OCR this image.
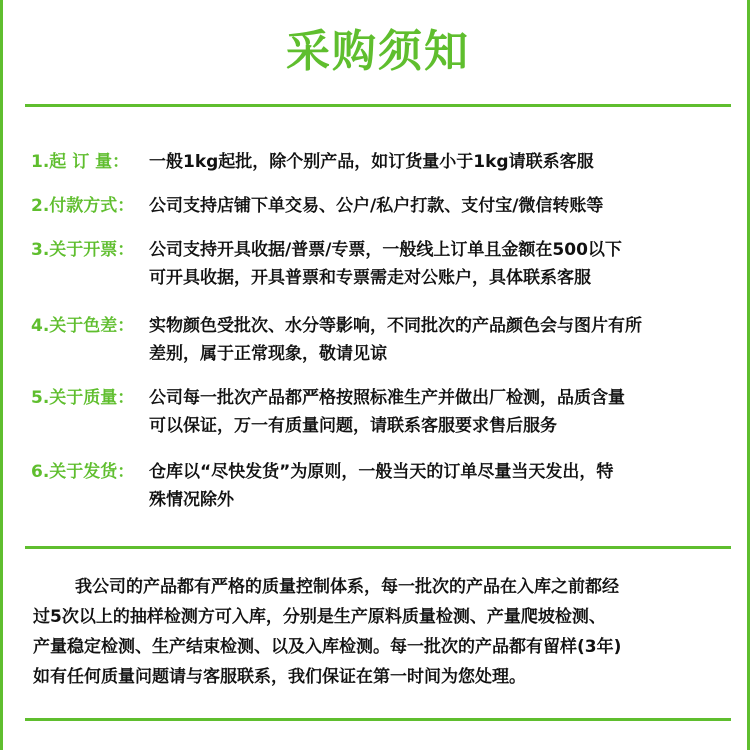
采购须知
1.起 订 量：	一般1kg起批，除个别产品，如订货量小于1kg请联系客服
2.付款方式： 公司支持店铺下单交易、公户/私户打款、支付宝/微信转账等
3.关于开票： 公司支持开具收据/普票/专票，一般线上订单且金额在500以下
可开具收据，开具普票和专票需走对公账户，具体联系客服
4.关于色差： 实物颜色受批次、水分等影响，不同批次的产品颜色会与图片有所
差别，属于正常现象，敬请见谅
5.关于质量： 公司每一批次产品都严格按照标准生产并做出厂检测，品质含量
可以保证，万一有质量问题，请联系客服要求售后服务
6.关于发货： 仓库以“尽快发货”为原则，一般当天的订单尽量当天发出，特
殊情况除外
我公司的产品都有严格的质量控制体系，每一批次的产品在入库之前都经
过5次以上的抽样检测方可入库，分别是生产原料质量检测、产量爬坡检测、
产量稳定检测、生产结束检测、以及入库检测。每一批次的产品都有留样(3年)
如有任何质量问题请与客服联系，我们保证在第一时间为您处理。
